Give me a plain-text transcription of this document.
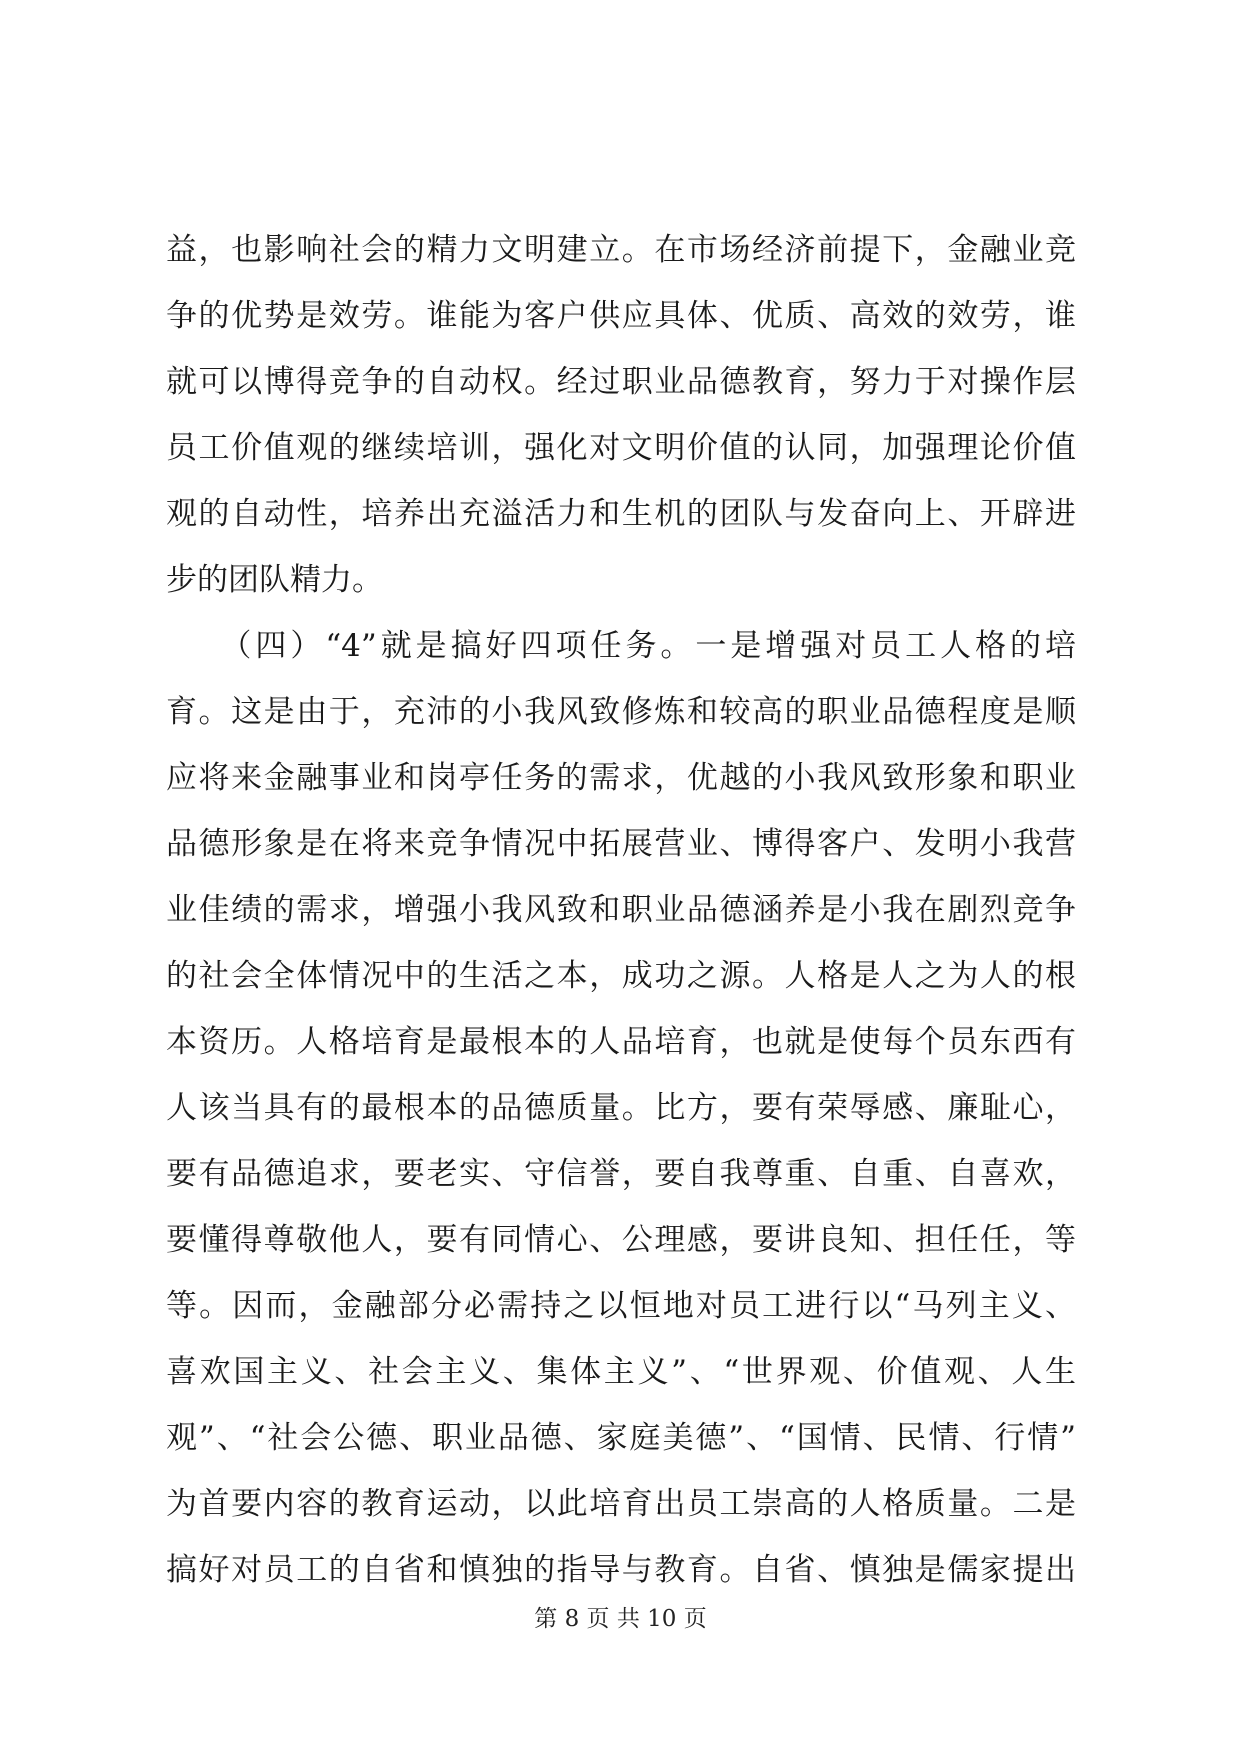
益，也影响社会的精力文明建立。在市场经济前提下，金融业竞
争的优势是效劳。谁能为客户供应具体、优质、高效的效劳，谁
就可以博得竞争的自动权。经过职业品德教育，努力于对操作层
员工价值观的继续培训，强化对文明价值的认同，加强理论价值
观的自动性，培养出充溢活力和生机的团队与发奋向上、开辟进
步的团队精力。
　　（四）“4”就是搞好四项任务。一是增强对员工人格的培
育。这是由于，充沛的小我风致修炼和较高的职业品德程度是顺
应将来金融事业和岗亭任务的需求，优越的小我风致形象和职业
品德形象是在将来竞争情况中拓展营业、博得客户、发明小我营
业佳绩的需求，增强小我风致和职业品德涵养是小我在剧烈竞争
的社会全体情况中的生活之本，成功之源。人格是人之为人的根
本资历。人格培育是最根本的人品培育，也就是使每个员东西有
人该当具有的最根本的品德质量。比方，要有荣辱感、廉耻心，
要有品德追求，要老实、守信誉，要自我尊重、自重、自喜欢，
要懂得尊敬他人，要有同情心、公理感，要讲良知、担任任，等
等。因而，金融部分必需持之以恒地对员工进行以“马列主义、
喜欢国主义、社会主义、集体主义”、“世界观、价值观、人生
观”、“社会公德、职业品德、家庭美德”、“国情、民情、行情”
为首要内容的教育运动，以此培育出员工崇高的人格质量。二是
搞好对员工的自省和慎独的指导与教育。自省、慎独是儒家提出
第 8 页 共 10 页
